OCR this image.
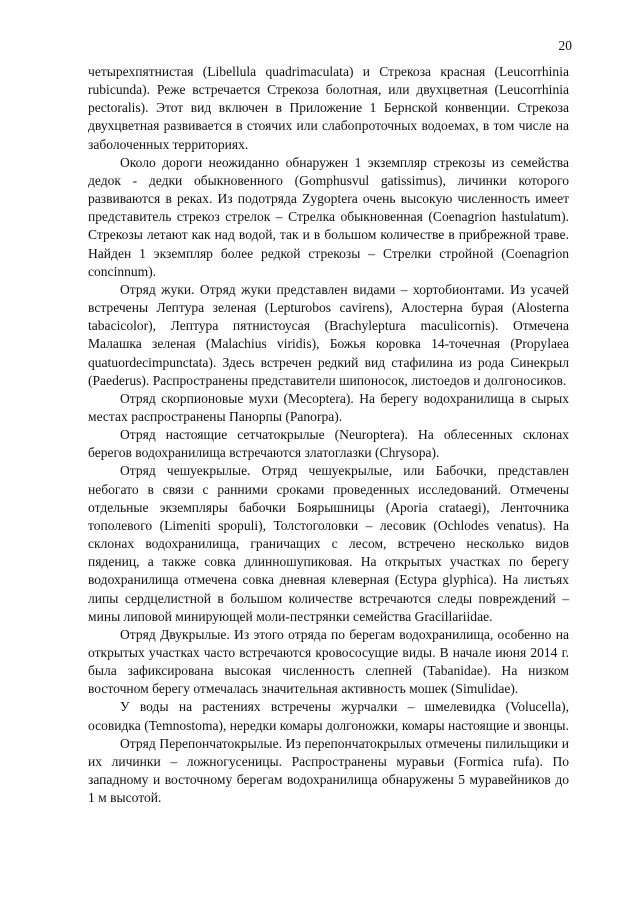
20

четырехпятнистая (Libellula quadrimaculata) и Стрекоза красная (Leucorrhinia rubicunda). Реже встречается Стрекоза болотная, или двухцветная (Leucorrhinia pectoralis). Этот вид включен в Приложение 1 Бернской конвенции. Стрекоза двухцветная развивается в стоячих или слабопроточных водоемах, в том числе на заболоченных территориях.

Около дороги неожиданно обнаружен 1 экземпляр стрекозы из семейства дедок - дедки обыкновенного (Gomphusvul gatissimus), личинки которого развиваются в реках. Из подотряда Zygoptera очень высокую численность имеет представитель стрекоз стрелок – Стрелка обыкновенная (Coenagrion hastulatum). Стрекозы летают как над водой, так и в большом количестве в прибрежной траве. Найден 1 экземпляр более редкой стрекозы – Стрелки стройной (Coenagrion concinnum).

Отряд жуки. Отряд жуки представлен видами – хортобионтами. Из усачей встречены Лептура зеленая (Lepturobos cavirens), Алостерна бурая (Alosterna tabacicolor), Лептура пятнистоусая (Brachyleptura maculicornis). Отмечена Малашка зеленая (Malachius viridis), Божья коровка 14-точечная (Propylaea quatuordecimpunctata). Здесь встречен редкий вид стафилина из рода Синекрыл (Paederus). Распространены представители шипоносок, листоедов и долгоносиков.

Отряд скорпионовые мухи (Mecoptera). На берегу водохранилища в сырых местах распространены Панорпы (Panorpa).

Отряд настоящие сетчатокрылые (Neuroptera). На облесенных склонах берегов водохранилища встречаются златоглазки (Chrysopa).

Отряд чешуекрылые. Отряд чешуекрылые, или Бабочки, представлен небогато в связи с ранними сроками проведенных исследований. Отмечены отдельные экземпляры бабочки Боярышницы (Aporia crataegi), Ленточника тополевого (Limeniti spopuli), Толстоголовки – лесовик (Ochlodes venatus). На склонах водохранилища, граничащих с лесом, встречено несколько видов пядениц, а также совка длинношупиковая. На открытых участках по берегу водохранилища отмечена совка дневная клеверная (Ectypa glyphica). На листьях липы сердцелистной в большом количестве встречаются следы повреждений – мины липовой минирующей моли-пестрянки семейства Gracillariidae.

Отряд Двукрылые. Из этого отряда по берегам водохранилища, особенно на открытых участках часто встречаются кровососущие виды. В начале июня 2014 г. была зафиксирована высокая численность слепней (Tabanidae). На низком восточном берегу отмечалась значительная активность мошек (Simulidae).

У воды на растениях встречены журчалки – шмелевидка (Volucella), осовидка (Temnostoma), нередки комары долгоножки, комары настоящие и звонцы.

Отряд Перепончатокрылые. Из перепончатокрылых отмечены пилильщики и их личинки – ложногусеницы. Распространены муравьи (Formica rufa). По западному и восточному берегам водохранилища обнаружены 5 муравейников до 1 м высотой.
